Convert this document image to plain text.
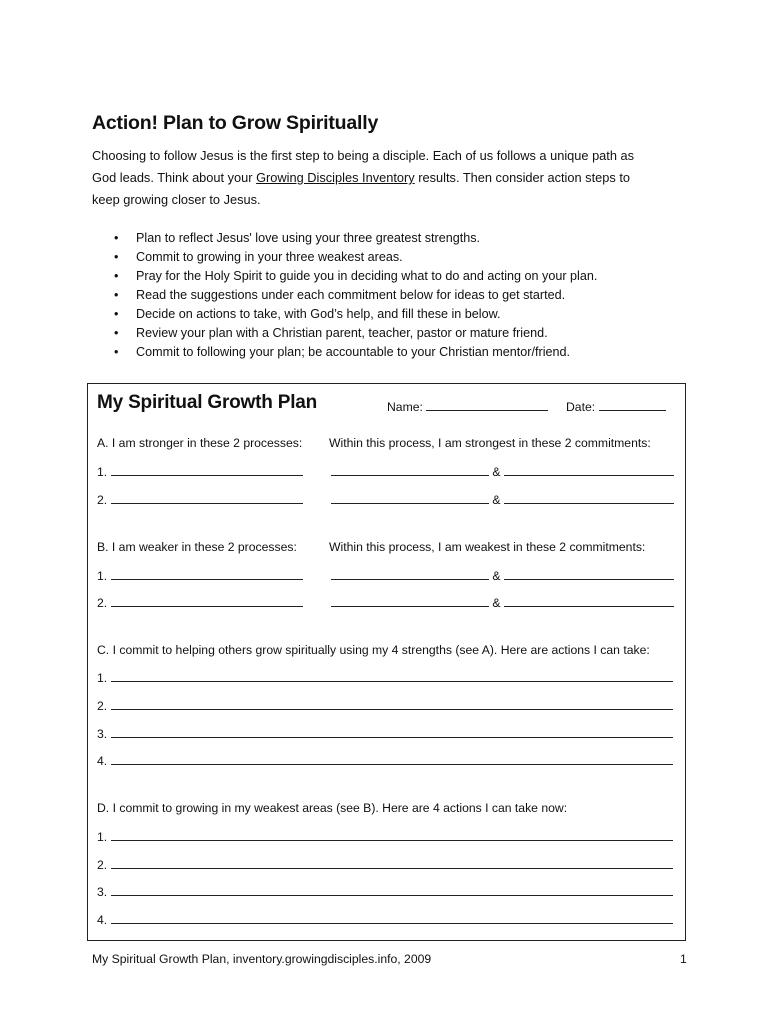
Action! Plan to Grow Spiritually
Choosing to follow Jesus is the first step to being a disciple. Each of us follows a unique path as
God leads. Think about your Growing Disciples Inventory results. Then consider action steps to
keep growing closer to Jesus.
• Plan to reflect Jesus' love using your three greatest strengths.
• Commit to growing in your three weakest areas.
• Pray for the Holy Spirit to guide you in deciding what to do and acting on your plan.
• Read the suggestions under each commitment below for ideas to get started.
• Decide on actions to take, with God’s help, and fill these in below.
• Review your plan with a Christian parent, teacher, pastor or mature friend.
• Commit to following your plan; be accountable to your Christian mentor/friend.
My Spiritual Growth Plan	Name:	Date:
A. I am stronger in these 2 processes: Within this process, I am strongest in these 2 commitments:
1.	&
2.	&
B. I am weaker in these 2 processes:	Within this process, I am weakest in these 2 commitments:
1.	&
2.	&
C. I commit to helping others grow spiritually using my 4 strengths (see A). Here are actions I can take:
1.
2.
3.
4.
D. I commit to growing in my weakest areas (see B). Here are 4 actions I can take now:
1.
2.
3.
4.
My Spiritual Growth Plan, inventory.growingdisciples.info, 2009	1
